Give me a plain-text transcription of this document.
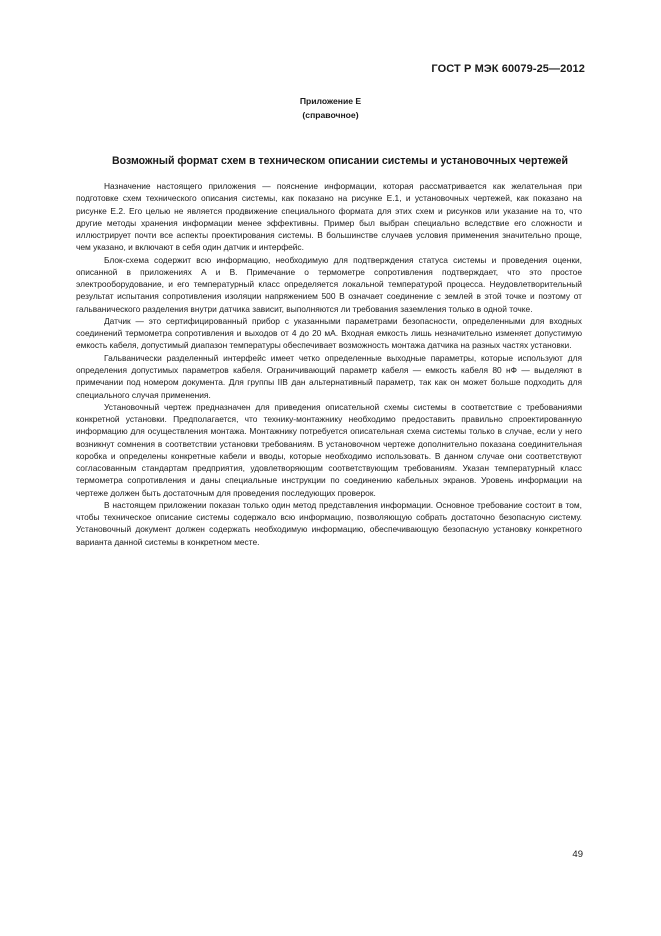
ГОСТ Р МЭК 60079-25—2012
Приложение Е
(справочное)
Возможный формат схем в техническом описании системы и установочных чертежей

Назначение настоящего приложения — пояснение информации, которая рассматривается как желательная при подготовке схем технического описания системы, как показано на рисунке Е.1, и установочных чертежей, как показано на рисунке Е.2. Его целью не является продвижение специального формата для этих схем и рисунков или указание на то, что другие методы хранения информации менее эффективны. Пример был выбран специально вследствие его сложности и иллюстрирует почти все аспекты проектирования системы. В большинстве случаев условия применения значительно проще, чем указано, и включают в себя один датчик и интерфейс.

Блок-схема содержит всю информацию, необходимую для подтверждения статуса системы и проведения оценки, описанной в приложениях А и В. Примечание о термометре сопротивления подтверждает, что это простое электрооборудование, и его температурный класс определяется локальной температурой процесса. Неудовлетворительный результат испытания сопротивления изоляции напряжением 500 В означает соединение с землей в этой точке и поэтому от гальванического разделения внутри датчика зависит, выполняются ли требования заземления только в одной точке.

Датчик — это сертифицированный прибор с указанными параметрами безопасности, определенными для входных соединений термометра сопротивления и выходов от 4 до 20 мА. Входная емкость лишь незначительно изменяет допустимую емкость кабеля, допустимый диапазон температуры обеспечивает возможность монтажа датчика на разных частях установки.

Гальванически разделенный интерфейс имеет четко определенные выходные параметры, которые используют для определения допустимых параметров кабеля. Ограничивающий параметр кабеля — емкость кабеля 80 нФ — выделяют в примечании под номером документа. Для группы IIB дан альтернативный параметр, так как он может больше подходить для специального случая применения.

Установочный чертеж предназначен для приведения описательной схемы системы в соответствие с требованиями конкретной установки. Предполагается, что технику-монтажнику необходимо предоставить правильно спроектированную информацию для осуществления монтажа. Монтажнику потребуется описательная схема системы только в случае, если у него возникнут сомнения в соответствии установки требованиям. В установочном чертеже дополнительно показана соединительная коробка и определены конкретные кабели и вводы, которые необходимо использовать. В данном случае они соответствуют согласованным стандартам предприятия, удовлетворяющим соответствующим требованиям. Указан температурный класс термометра сопротивления и даны специальные инструкции по соединению кабельных экранов. Уровень информации на чертеже должен быть достаточным для проведения последующих проверок.

В настоящем приложении показан только один метод представления информации. Основное требование состоит в том, чтобы техническое описание системы содержало всю информацию, позволяющую собрать достаточно безопасную систему. Установочный документ должен содержать необходимую информацию, обеспечивающую безопасную установку конкретного варианта данной системы в конкретном месте.

49
